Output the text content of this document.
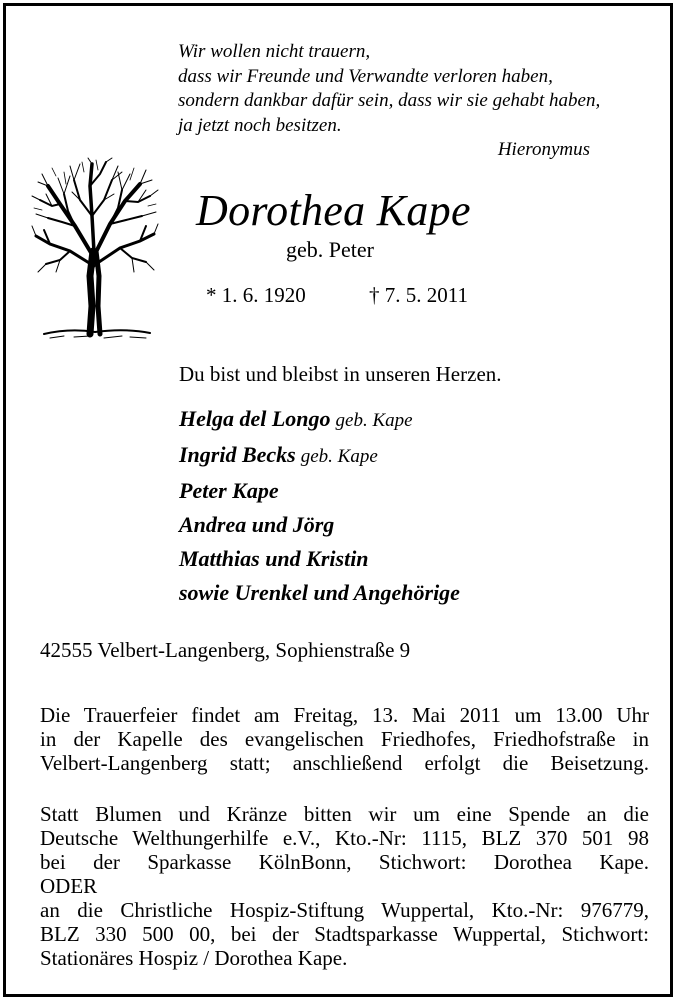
Wir wollen nicht trauern,
dass wir Freunde und Verwandte verloren haben,
sondern dankbar dafür sein, dass wir sie gehabt haben,
ja jetzt noch besitzen.
Hieronymus
Dorothea Kape
geb. Peter
* 1. 6. 1920	† 7. 5. 2011
Du bist und bleibst in unseren Herzen.
Helga del Longo geb. Kape
Ingrid Becks geb. Kape
Peter Kape
Andrea und Jörg
Matthias und Kristin
sowie Urenkel und Angehörige
42555 Velbert-Langenberg, Sophienstraße 9
Die Trauerfeier findet am Freitag, 13. Mai 2011 um 13.00 Uhr
in der Kapelle des evangelischen Friedhofes, Friedhofstraße in
Velbert-Langenberg statt; anschließend erfolgt die Beisetzung.
Statt Blumen und Kränze bitten wir um eine Spende an die
Deutsche Welthungerhilfe e.V., Kto.-Nr: 1115, BLZ 370 501 98
bei der Sparkasse KölnBonn, Stichwort: Dorothea Kape.
ODER
an die Christliche Hospiz-Stiftung Wuppertal, Kto.-Nr: 976779,
BLZ 330 500 00, bei der Stadtsparkasse Wuppertal, Stichwort:
Stationäres Hospiz / Dorothea Kape.
